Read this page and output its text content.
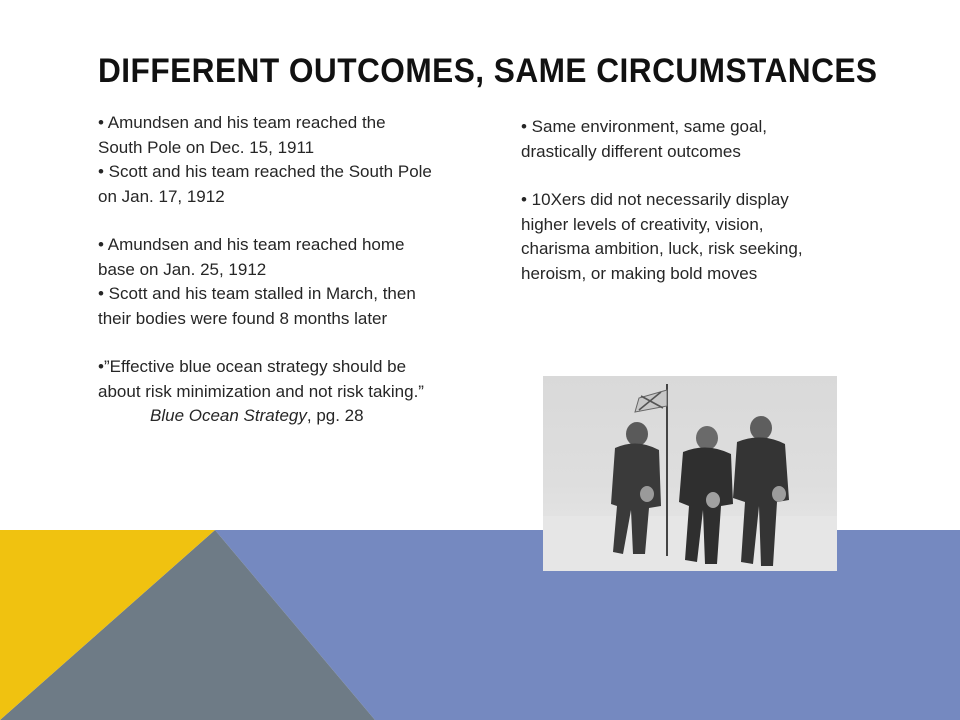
DIFFERENT OUTCOMES, SAME CIRCUMSTANCES

• Amundsen and his team reached the South Pole on Dec. 15, 1911

• Scott and his team reached the South Pole on Jan. 17, 1912

• Amundsen and his team reached home base on Jan. 25, 1912

• Scott and his team stalled in March, then their bodies were found 8 months later

•”Effective blue ocean strategy should be about risk minimization and not risk taking.”

Blue Ocean Strategy, pg. 28

• Same environment, same goal, drastically different outcomes

• 10Xers did not necessarily display higher levels of creativity, vision, charisma ambition, luck, risk seeking, heroism, or making bold moves
